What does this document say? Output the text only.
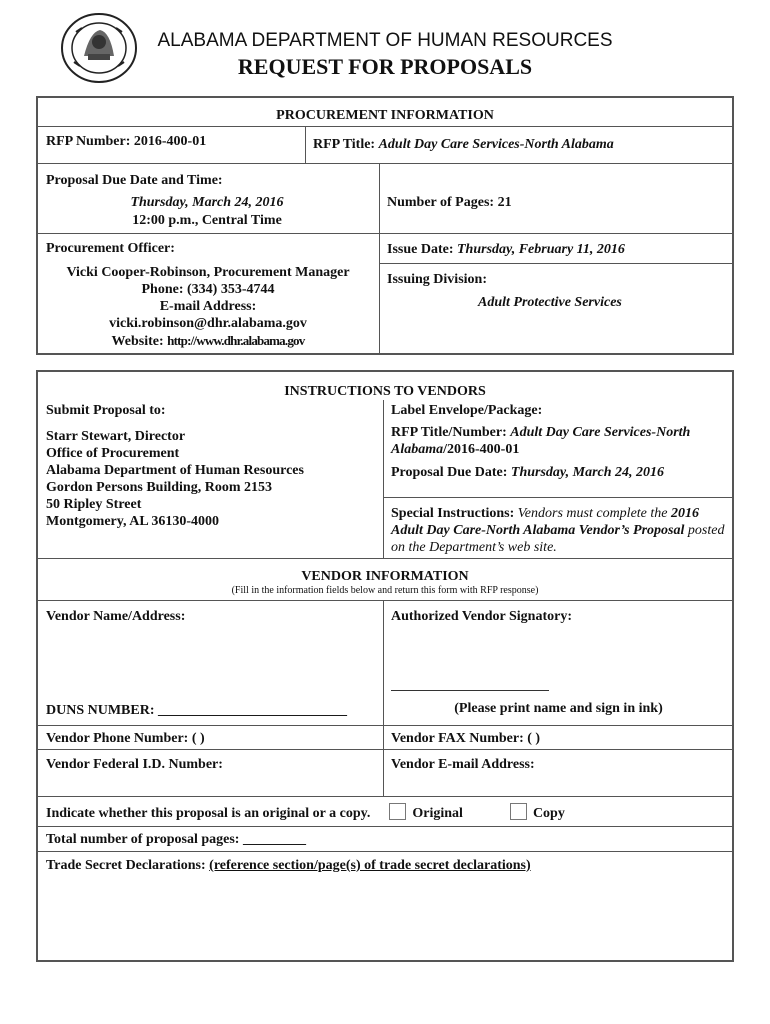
ALABAMA DEPARTMENT OF HUMAN RESOURCES
REQUEST FOR PROPOSALS
PROCUREMENT INFORMATION
RFP Number: 2016-400-01	RFP Title: Adult Day Care Services-North Alabama
Proposal Due Date and Time:
Thursday, March 24, 2016
12:00 p.m., Central Time
Number of Pages: 21
Procurement Officer:
Vicki Cooper-Robinson, Procurement Manager
Phone: (334) 353-4744
E-mail Address:
vicki.robinson@dhr.alabama.gov
Website: http://www.dhr.alabama.gov
Issue Date: Thursday, February 11, 2016
Issuing Division:
Adult Protective Services
INSTRUCTIONS TO VENDORS
Submit Proposal to:
Starr Stewart, Director
Office of Procurement
Alabama Department of Human Resources
Gordon Persons Building, Room 2153
50 Ripley Street
Montgomery, AL 36130-4000
Label Envelope/Package:
RFP Title/Number: Adult Day Care Services-North Alabama/2016-400-01
Proposal Due Date: Thursday, March 24, 2016
Special Instructions: Vendors must complete the 2016 Adult Day Care-North Alabama Vendor’s Proposal posted on the Department’s web site.
VENDOR INFORMATION
(Fill in the information fields below and return this form with RFP response)
Vendor Name/Address:	Authorized Vendor Signatory:
DUNS NUMBER: ___________________________	(Please print name and sign in ink)
Vendor Phone Number: ( )	Vendor FAX Number: ( )
Vendor Federal I.D. Number:	Vendor E-mail Address:
Indicate whether this proposal is an original or a copy.	Original	Copy
Total number of proposal pages: _________
Trade Secret Declarations: (reference section/page(s) of trade secret declarations)
